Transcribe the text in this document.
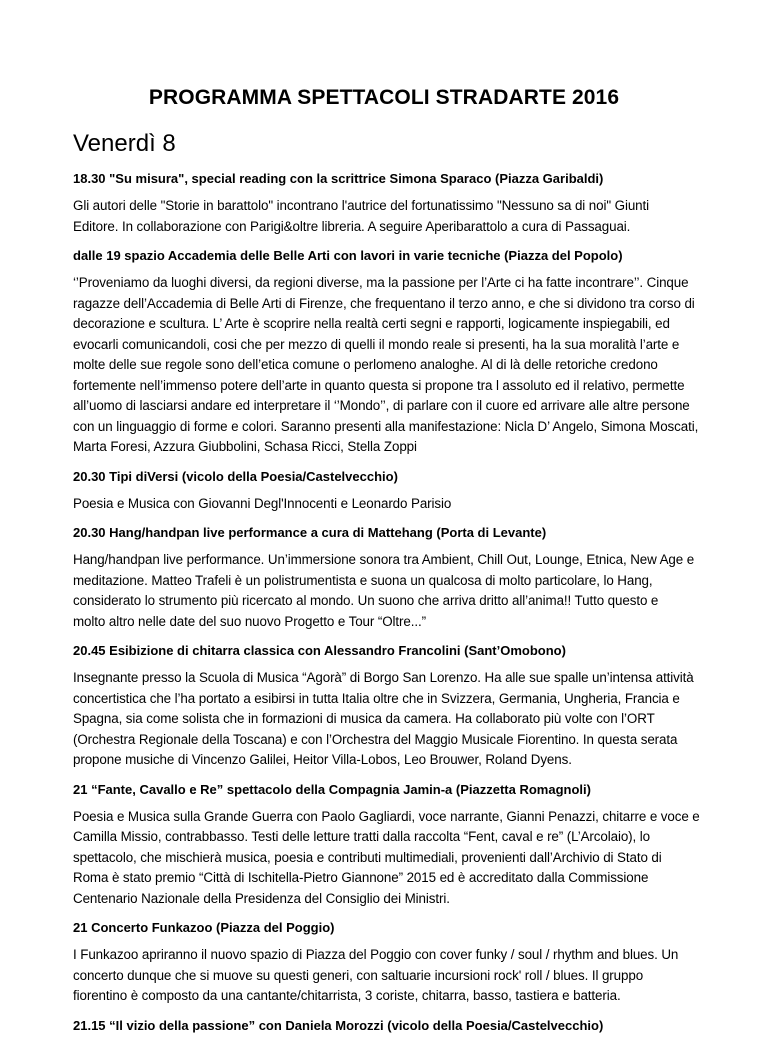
PROGRAMMA SPETTACOLI STRADARTE 2016
Venerdì 8
18.30 "Su misura", special reading con la scrittrice Simona Sparaco (Piazza Garibaldi)
Gli autori delle "Storie in barattolo" incontrano l'autrice del fortunatissimo "Nessuno sa di noi" Giunti
Editore. In collaborazione con Parigi&oltre libreria. A seguire Aperibarattolo a cura di Passaguai.
dalle 19 spazio Accademia delle Belle Arti con lavori in varie tecniche (Piazza del Popolo)
‘’Proveniamo da luoghi diversi, da regioni diverse, ma la passione per l’Arte ci ha fatte incontrare’’. Cinque
ragazze dell’Accademia di Belle Arti di Firenze, che frequentano il terzo anno, e che si dividono tra corso di
decorazione e scultura. L’ Arte è scoprire nella realtà certi segni e rapporti, logicamente inspiegabili, ed
evocarli comunicandoli, cosi che per mezzo di quelli il mondo reale si presenti, ha la sua moralità l’arte e
molte delle sue regole sono dell’etica comune o perlomeno analoghe. Al di là delle retoriche credono
fortemente nell’immenso potere dell’arte in quanto questa si propone tra l assoluto ed il relativo, permette
all’uomo di lasciarsi andare ed interpretare il ‘’Mondo’’, di parlare con il cuore ed arrivare alle altre persone
con un linguaggio di forme e colori. Saranno presenti alla manifestazione: Nicla D’ Angelo, Simona Moscati,
Marta Foresi, Azzura Giubbolini, Schasa Ricci, Stella Zoppi
20.30 Tipi diVersi (vicolo della Poesia/Castelvecchio)
Poesia e Musica con Giovanni Degl'Innocenti e Leonardo Parisio
20.30 Hang/handpan live performance a cura di Mattehang (Porta di Levante)
Hang/handpan live performance. Un’immersione sonora tra Ambient, Chill Out, Lounge, Etnica, New Age e
meditazione. Matteo Trafeli è un polistrumentista e suona un qualcosa di molto particolare, lo Hang,
considerato lo strumento più ricercato al mondo. Un suono che arriva dritto all’anima!! Tutto questo e
molto altro nelle date del suo nuovo Progetto e Tour “Oltre...”
20.45 Esibizione di chitarra classica con Alessandro Francolini (Sant’Omobono)
Insegnante presso la Scuola di Musica “Agorà” di Borgo San Lorenzo. Ha alle sue spalle un’intensa attività
concertistica che l’ha portato a esibirsi in tutta Italia oltre che in Svizzera, Germania, Ungheria, Francia e
Spagna, sia come solista che in formazioni di musica da camera. Ha collaborato più volte con l’ORT
(Orchestra Regionale della Toscana) e con l’Orchestra del Maggio Musicale Fiorentino. In questa serata
propone musiche di Vincenzo Galilei, Heitor Villa-Lobos, Leo Brouwer, Roland Dyens.
21 “Fante, Cavallo e Re” spettacolo della Compagnia Jamin-a (Piazzetta Romagnoli)
Poesia e Musica sulla Grande Guerra con Paolo Gagliardi, voce narrante, Gianni Penazzi, chitarre e voce e
Camilla Missio, contrabbasso. Testi delle letture tratti dalla raccolta “Fent, caval e re” (L’Arcolaio), lo
spettacolo, che mischierà musica, poesia e contributi multimediali, provenienti dall’Archivio di Stato di
Roma è stato premio “Città di Ischitella-Pietro Giannone” 2015 ed è accreditato dalla Commissione
Centenario Nazionale della Presidenza del Consiglio dei Ministri.
21 Concerto Funkazoo (Piazza del Poggio)
I Funkazoo apriranno il nuovo spazio di Piazza del Poggio con cover funky / soul / rhythm and blues. Un
concerto dunque che si muove su questi generi, con saltuarie incursioni rock' roll / blues. Il gruppo
fiorentino è composto da una cantante/chitarrista, 3 coriste, chitarra, basso, tastiera e batteria.
21.15 “Il vizio della passione” con Daniela Morozzi (vicolo della Poesia/Castelvecchio)
